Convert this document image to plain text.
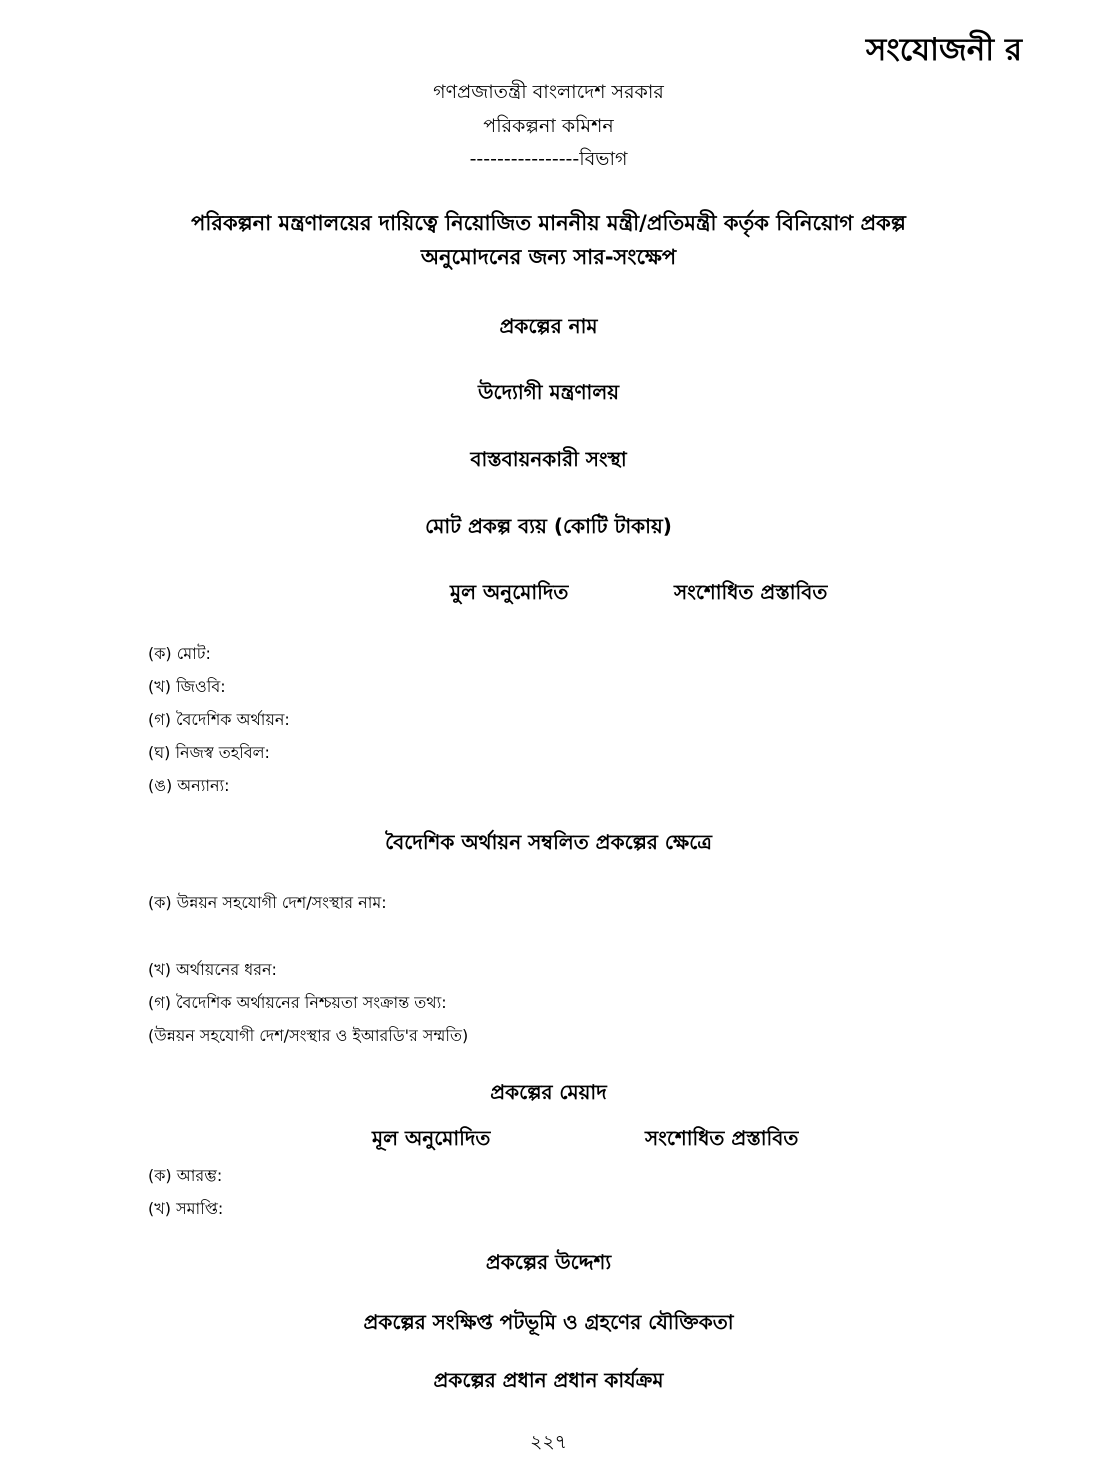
সংযোজনী র
গণপ্রজাতন্ত্রী বাংলাদেশ সরকার
পরিকল্পনা কমিশন
----------------বিভাগ
পরিকল্পনা মন্ত্রণালয়ের দায়িত্বে নিয়োজিত মাননীয় মন্ত্রী/প্রতিমন্ত্রী কর্তৃক বিনিয়োগ প্রকল্প
অনুমোদনের জন্য সার-সংক্ষেপ
প্রকল্পের নাম
উদ্যোগী মন্ত্রণালয়
বাস্তবায়নকারী সংস্থা
মোট প্রকল্প ব্যয় (কোটি টাকায়)
মুল অনুমোদিত	সংশোধিত প্রস্তাবিত
(ক) মোট:
(খ) জিওবি:
(গ) বৈদেশিক অর্থায়ন:
(ঘ) নিজস্ব তহবিল:
(ঙ) অন্যান্য:
বৈদেশিক অর্থায়ন সম্বলিত প্রকল্পের ক্ষেত্রে
(ক) উন্নয়ন সহযোগী দেশ/সংস্থার নাম:
(খ) অর্থায়নের ধরন:
(গ) বৈদেশিক অর্থায়নের নিশ্চয়তা সংক্রান্ত তথ্য:
(উন্নয়ন সহযোগী দেশ/সংস্থার ও ইআরডি'র সম্মতি)
প্রকল্পের মেয়াদ
মূল অনুমোদিত	সংশোধিত প্রস্তাবিত
(ক) আরম্ভ:
(খ) সমাপ্তি:
প্রকল্পের উদ্দেশ্য
প্রকল্পের সংক্ষিপ্ত পটভূমি ও গ্রহণের যৌক্তিকতা
প্রকল্পের প্রধান প্রধান কার্যক্রম
২২৭
